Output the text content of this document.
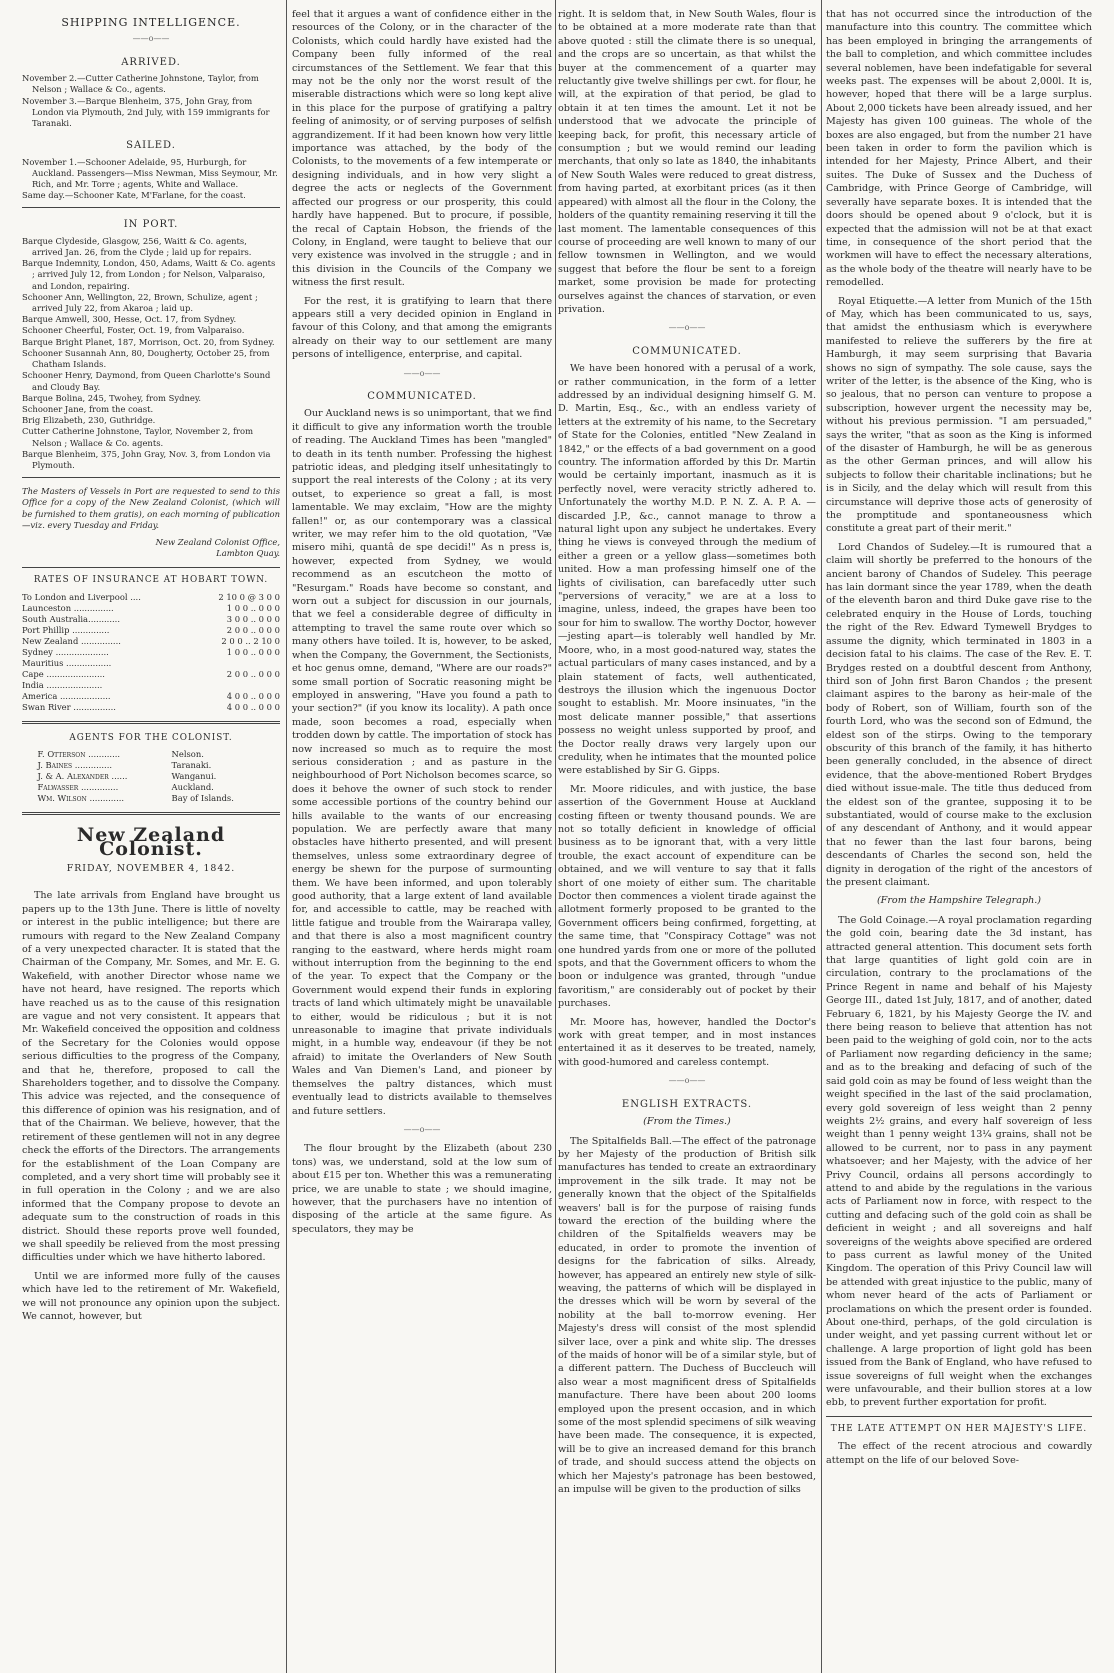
SHIPPING INTELLIGENCE.
——o——
ARRIVED.

November 2.—Cutter Catherine Johnstone, Taylor, from Nelson ; Wallace & Co., agents.

November 3.—Barque Blenheim, 375, John Gray, from London via Plymouth, 2nd July, with 159 immigrants for Taranaki.

SAILED.

November 1.—Schooner Adelaide, 95, Hurburgh, for Auckland. Passengers—Miss Newman, Miss Seymour, Mr. Rich, and Mr. Torre ; agents, White and Wallace.

Same day.—Schooner Kate, M'Farlane, for the coast.

IN PORT.

Barque Clydeside, Glasgow, 256, Waitt & Co. agents, arrived Jan. 26, from the Clyde ; laid up for repairs.

Barque Indemnity, London, 450, Adams, Waitt & Co. agents ; arrived July 12, from London ; for Nelson, Valparaiso, and London, repairing.

Schooner Ann, Wellington, 22, Brown, Schulize, agent ; arrived July 22, from Akaroa ; laid up.

Barque Amwell, 300, Hesse, Oct. 17, from Sydney.

Schooner Cheerful, Foster, Oct. 19, from Valparaiso.

Barque Bright Planet, 187, Morrison, Oct. 20, from Sydney.

Schooner Susannah Ann, 80, Dougherty, October 25, from Chatham Islands.

Schooner Henry, Daymond, from Queen Charlotte's Sound and Cloudy Bay.

Barque Bolina, 245, Twohey, from Sydney.

Schooner Jane, from the coast.

Brig Elizabeth, 230, Guthridge.

Cutter Catherine Johnstone, Taylor, November 2, from Nelson ; Wallace & Co. agents.

Barque Blenheim, 375, John Gray, Nov. 3, from London via Plymouth.

The Masters of Vessels in Port are requested to send to this Office for a copy of the New Zealand Colonist, (which will be furnished to them gratis), on each morning of publication—viz. every Tuesday and Friday.
New Zealand Colonist Office,
Lambton Quay.
RATES OF INSURANCE AT HOBART TOWN.
To London and Liverpool ....	2 10 0 @ 3 0 0
Launceston ...............	1 0 0 .. 0 0 0
South Australia............	3 0 0 .. 0 0 0
Port Phillip ..............	2 0 0 .. 0 0 0
New Zealand ...............	2 0 0 .. 2 10 0
Sydney ....................	1 0 0 .. 0 0 0
Mauritius .................	
Cape ......................	2 0 0 .. 0 0 0
India .....................	
America ...................	4 0 0 .. 0 0 0
Swan River ................	4 0 0 .. 0 0 0
AGENTS FOR THE COLONIST.
F. Otterson ............	Nelson.
J. Baines ..............	Taranaki.
J. & A. Alexander ......	Wanganui.
Falwasser ..............	Auckland.
Wm. Wilson .............	Bay of Islands.
New Zealand Colonist.
FRIDAY, NOVEMBER 4, 1842.

The late arrivals from England have brought us papers up to the 13th June. There is little of novelty or interest in the public intelligence; but there are rumours with regard to the New Zealand Company of a very unexpected character. It is stated that the Chairman of the Company, Mr. Somes, and Mr. E. G. Wakefield, with another Director whose name we have not heard, have resigned. The reports which have reached us as to the cause of this resignation are vague and not very consistent. It appears that Mr. Wakefield conceived the opposition and coldness of the Secretary for the Colonies would oppose serious difficulties to the progress of the Company, and that he, therefore, proposed to call the Shareholders together, and to dissolve the Company. This advice was rejected, and the consequence of this difference of opinion was his resignation, and of that of the Chairman. We believe, however, that the retirement of these gentlemen will not in any degree check the efforts of the Directors. The arrangements for the establishment of the Loan Company are completed, and a very short time will probably see it in full operation in the Colony ; and we are also informed that the Company propose to devote an adequate sum to the construction of roads in this district. Should these reports prove well founded, we shall speedily be relieved from the most pressing difficulties under which we have hitherto labored.

Until we are informed more fully of the causes which have led to the retirement of Mr. Wakefield, we will not pronounce any opinion upon the subject. We cannot, however, but

feel that it argues a want of confidence either in the resources of the Colony, or in the character of the Colonists, which could hardly have existed had the Company been fully informed of the real circumstances of the Settlement. We fear that this may not be the only nor the worst result of the miserable distractions which were so long kept alive in this place for the purpose of gratifying a paltry feeling of animosity, or of serving purposes of selfish aggrandizement. If it had been known how very little importance was attached, by the body of the Colonists, to the movements of a few intemperate or designing individuals, and in how very slight a degree the acts or neglects of the Government affected our progress or our prosperity, this could hardly have happened. But to procure, if possible, the recal of Captain Hobson, the friends of the Colony, in England, were taught to believe that our very existence was involved in the struggle ; and in this division in the Councils of the Company we witness the first result.

For the rest, it is gratifying to learn that there appears still a very decided opinion in England in favour of this Colony, and that among the emigrants already on their way to our settlement are many persons of intelligence, enterprise, and capital.

——o——
COMMUNICATED.

Our Auckland news is so unimportant, that we find it difficult to give any information worth the trouble of reading. The Auckland Times has been "mangled" to death in its tenth number. Professing the highest patriotic ideas, and pledging itself unhesitatingly to support the real interests of the Colony ; at its very outset, to experience so great a fall, is most lamentable. We may exclaim, "How are the mighty fallen!" or, as our contemporary was a classical writer, we may refer him to the old quotation, "Væ misero mihi, quantâ de spe decidi!" As n press is, however, expected from Sydney, we would recommend as an escutcheon the motto of "Resurgam." Roads have become so constant, and worn out a subject for discussion in our journals, that we feel a considerable degree of difficulty in attempting to travel the same route over which so many others have toiled. It is, however, to be asked, when the Company, the Government, the Sectionists, et hoc genus omne, demand, "Where are our roads?" some small portion of Socratic reasoning might be employed in answering, "Have you found a path to your section?" (if you know its locality). A path once made, soon becomes a road, especially when trodden down by cattle. The importation of stock has now increased so much as to require the most serious consideration ; and as pasture in the neighbourhood of Port Nicholson becomes scarce, so does it behove the owner of such stock to render some accessible portions of the country behind our hills available to the wants of our encreasing population. We are perfectly aware that many obstacles have hitherto presented, and will present themselves, unless some extraordinary degree of energy be shewn for the purpose of surmounting them. We have been informed, and upon tolerably good authority, that a large extent of land available for, and accessible to cattle, may be reached with little fatigue and trouble from the Wairarapa valley, and that there is also a most magnificent country ranging to the eastward, where herds might roam without interruption from the beginning to the end of the year. To expect that the Company or the Government would expend their funds in exploring tracts of land which ultimately might be unavailable to either, would be ridiculous ; but it is not unreasonable to imagine that private individuals might, in a humble way, endeavour (if they be not afraid) to imitate the Overlanders of New South Wales and Van Diemen's Land, and pioneer by themselves the paltry distances, which must eventually lead to districts available to themselves and future settlers.

——o——

The flour brought by the Elizabeth (about 230 tons) was, we understand, sold at the low sum of about £15 per ton. Whether this was a remunerating price, we are unable to state ; we should imagine, however, that the purchasers have no intention of disposing of the article at the same figure. As speculators, they may be

right. It is seldom that, in New South Wales, flour is to be obtained at a more moderate rate than that above quoted : still the climate there is so unequal, and the crops are so uncertain, as that whilst the buyer at the commencement of a quarter may reluctantly give twelve shillings per cwt. for flour, he will, at the expiration of that period, be glad to obtain it at ten times the amount. Let it not be understood that we advocate the principle of keeping back, for profit, this necessary article of consumption ; but we would remind our leading merchants, that only so late as 1840, the inhabitants of New South Wales were reduced to great distress, from having parted, at exorbitant prices (as it then appeared) with almost all the flour in the Colony, the holders of the quantity remaining reserving it till the last moment. The lamentable consequences of this course of proceeding are well known to many of our fellow townsmen in Wellington, and we would suggest that before the flour be sent to a foreign market, some provision be made for protecting ourselves against the chances of starvation, or even privation.

——o——
COMMUNICATED.

We have been honored with a perusal of a work, or rather communication, in the form of a letter addressed by an individual designing himself G. M. D. Martin, Esq., &c., with an endless variety of letters at the extremity of his name, to the Secretary of State for the Colonies, entitled "New Zealand in 1842," or the effects of a bad government on a good country. The information afforded by this Dr. Martin would be certainly important, inasmuch as it is perfectly novel, were veracity strictly adhered to. Unfortunately the worthy M.D. P. N. Z. A. P. A. —discarded J.P., &c., cannot manage to throw a natural light upon any subject he undertakes. Every thing he views is conveyed through the medium of either a green or a yellow glass—sometimes both united. How a man professing himself one of the lights of civilisation, can barefacedly utter such "perversions of veracity," we are at a loss to imagine, unless, indeed, the grapes have been too sour for him to swallow. The worthy Doctor, however—jesting apart—is tolerably well handled by Mr. Moore, who, in a most good-natured way, states the actual particulars of many cases instanced, and by a plain statement of facts, well authenticated, destroys the illusion which the ingenuous Doctor sought to establish. Mr. Moore insinuates, "in the most delicate manner possible," that assertions possess no weight unless supported by proof, and the Doctor really draws very largely upon our credulity, when he intimates that the mounted police were established by Sir G. Gipps.

Mr. Moore ridicules, and with justice, the base assertion of the Government House at Auckland costing fifteen or twenty thousand pounds. We are not so totally deficient in knowledge of official business as to be ignorant that, with a very little trouble, the exact account of expenditure can be obtained, and we will venture to say that it falls short of one moiety of either sum. The charitable Doctor then commences a violent tirade against the allotment formerly proposed to be granted to the Government officers being confirmed, forgetting, at the same time, that "Conspiracy Cottage" was not one hundred yards from one or more of the polluted spots, and that the Government officers to whom the boon or indulgence was granted, through "undue favoritism," are considerably out of pocket by their purchases.

Mr. Moore has, however, handled the Doctor's work with great temper, and in most instances entertained it as it deserves to be treated, namely, with good-humored and careless contempt.

——o——
ENGLISH EXTRACTS.
(From the Times.)

The Spitalfields Ball.—The effect of the patronage by her Majesty of the production of British silk manufactures has tended to create an extraordinary improvement in the silk trade. It may not be generally known that the object of the Spitalfields weavers' ball is for the purpose of raising funds toward the erection of the building where the children of the Spitalfields weavers may be educated, in order to promote the invention of designs for the fabrication of silks. Already, however, has appeared an entirely new style of silk-weaving, the patterns of which will be displayed in the dresses which will be worn by several of the nobility at the ball to-morrow evening. Her Majesty's dress will consist of the most splendid silver lace, over a pink and white slip. The dresses of the maids of honor will be of a similar style, but of a different pattern. The Duchess of Buccleuch will also wear a most magnificent dress of Spitalfields manufacture. There have been about 200 looms employed upon the present occasion, and in which some of the most splendid specimens of silk weaving have been made. The consequence, it is expected, will be to give an increased demand for this branch of trade, and should success attend the objects on which her Majesty's patronage has been bestowed, an impulse will be given to the production of silks

that has not occurred since the introduction of the manufacture into this country. The committee which has been employed in bringing the arrangements of the ball to completion, and which committee includes several noblemen, have been indefatigable for several weeks past. The expenses will be about 2,000l. It is, however, hoped that there will be a large surplus. About 2,000 tickets have been already issued, and her Majesty has given 100 guineas. The whole of the boxes are also engaged, but from the number 21 have been taken in order to form the pavilion which is intended for her Majesty, Prince Albert, and their suites. The Duke of Sussex and the Duchess of Cambridge, with Prince George of Cambridge, will severally have separate boxes. It is intended that the doors should be opened about 9 o'clock, but it is expected that the admission will not be at that exact time, in consequence of the short period that the workmen will have to effect the necessary alterations, as the whole body of the theatre will nearly have to be remodelled.

Royal Etiquette.—A letter from Munich of the 15th of May, which has been communicated to us, says, that amidst the enthusiasm which is everywhere manifested to relieve the sufferers by the fire at Hamburgh, it may seem surprising that Bavaria shows no sign of sympathy. The sole cause, says the writer of the letter, is the absence of the King, who is so jealous, that no person can venture to propose a subscription, however urgent the necessity may be, without his previous permission. "I am persuaded," says the writer, "that as soon as the King is informed of the disaster of Hamburgh, he will be as generous as the other German princes, and will allow his subjects to follow their charitable inclinations; but he is in Sicily, and the delay which will result from this circumstance will deprive those acts of generosity of the promptitude and spontaneousness which constitute a great part of their merit."

Lord Chandos of Sudeley.—It is rumoured that a claim will shortly be preferred to the honours of the ancient barony of Chandos of Sudeley. This peerage has lain dormant since the year 1789, when the death of the eleventh baron and third Duke gave rise to the celebrated enquiry in the House of Lords, touching the right of the Rev. Edward Tymewell Brydges to assume the dignity, which terminated in 1803 in a decision fatal to his claims. The case of the Rev. E. T. Brydges rested on a doubtful descent from Anthony, third son of John first Baron Chandos ; the present claimant aspires to the barony as heir-male of the body of Robert, son of William, fourth son of the fourth Lord, who was the second son of Edmund, the eldest son of the stirps. Owing to the temporary obscurity of this branch of the family, it has hitherto been generally concluded, in the absence of direct evidence, that the above-mentioned Robert Brydges died without issue-male. The title thus deduced from the eldest son of the grantee, supposing it to be substantiated, would of course make to the exclusion of any descendant of Anthony, and it would appear that no fewer than the last four barons, being descendants of Charles the second son, held the dignity in derogation of the right of the ancestors of the present claimant.

(From the Hampshire Telegraph.)

The Gold Coinage.—A royal proclamation regarding the gold coin, bearing date the 3d instant, has attracted general attention. This document sets forth that large quantities of light gold coin are in circulation, contrary to the proclamations of the Prince Regent in name and behalf of his Majesty George III., dated 1st July, 1817, and of another, dated February 6, 1821, by his Majesty George the IV. and there being reason to believe that attention has not been paid to the weighing of gold coin, nor to the acts of Parliament now regarding deficiency in the same; and as to the breaking and defacing of such of the said gold coin as may be found of less weight than the weight specified in the last of the said proclamation, every gold sovereign of less weight than 2 penny weights 2½ grains, and every half sovereign of less weight than 1 penny weight 13¼ grains, shall not be allowed to be current, nor to pass in any payment whatsoever; and her Majesty, with the advice of her Privy Council, ordains all persons accordingly to attend to and abide by the regulations in the various acts of Parliament now in force, with respect to the cutting and defacing such of the gold coin as shall be deficient in weight ; and all sovereigns and half sovereigns of the weights above specified are ordered to pass current as lawful money of the United Kingdom. The operation of this Privy Council law will be attended with great injustice to the public, many of whom never heard of the acts of Parliament or proclamations on which the present order is founded. About one-third, perhaps, of the gold circulation is under weight, and yet passing current without let or challenge. A large proportion of light gold has been issued from the Bank of England, who have refused to issue sovereigns of full weight when the exchanges were unfavourable, and their bullion stores at a low ebb, to prevent further exportation for profit.

THE LATE ATTEMPT ON HER MAJESTY'S LIFE.

The effect of the recent atrocious and cowardly attempt on the life of our beloved Sove-
